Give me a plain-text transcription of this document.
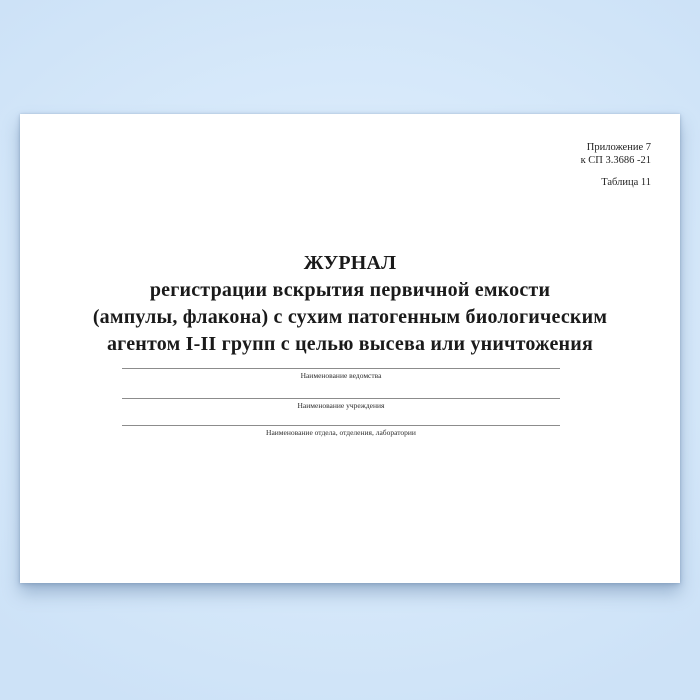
Приложение 7
к СП 3.3686 -21
Таблица 11
ЖУРНАЛ
регистрации вскрытия первичной емкости
(ампулы, флакона) с сухим патогенным биологическим
агентом I-II групп с целью высева или уничтожения
Наименование ведомства
Наименование учреждения
Наименование отдела, отделения, лаборатории
